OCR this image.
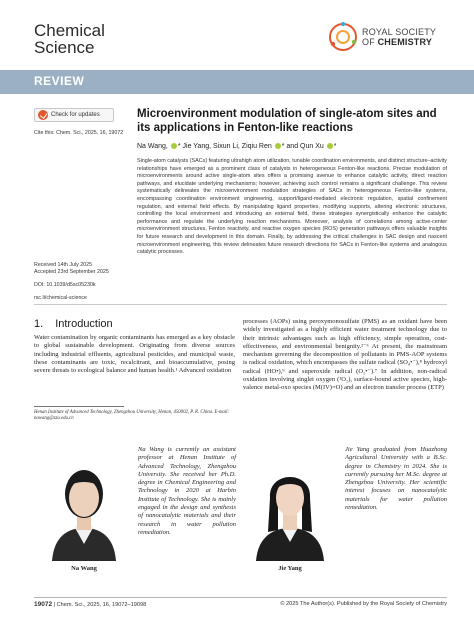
Chemical
Science
ROYAL SOCIETY
OF CHEMISTRY
REVIEW
Check for updates
Cite this: Chem. Sci., 2025, 16, 19072
Received 14th July 2025
Accepted 23rd September 2025
DOI: 10.1039/d5sc05230k
rsc.li/chemical-science
Microenvironment modulation of single-atom sites and its applications in Fenton-like reactions
Na Wang, * Jie Yang, Sixun Li, Ziqiu Ren * and Qun Xu *
Single-atom catalysts (SACs) featuring ultrahigh atom utilization, tunable coordination environments, and distinct structure–activity relationships have emerged as a prominent class of catalysts in heterogeneous Fenton-like reactions. Precise modulation of microenvironments around active single-atom sites offers a promising avenue to enhance catalytic activity, direct reaction pathways, and elucidate underlying mechanisms; however, achieving such control remains a significant challenge. This review systematically delineates the microenvironment modulation strategies of SACs in heterogeneous Fenton-like systems, encompassing coordination environment engineering, support/ligand-mediated electronic regulation, spatial confinement regulation, and external field effects. By manipulating ligand properties, modifying supports, altering electronic structures, controlling the local environment and introducing an external field, these strategies synergistically enhance the catalytic performance and regulate the underlying reaction mechanisms. Moreover, analysis of correlations among active-center microenvironment structures, Fenton reactivity, and reactive oxygen species (ROS) generation pathways offers valuable insights for future research and development in this domain. Finally, by addressing the critical challenges in SAC design and nascent microenvironment engineering, this review delineates future research directions for SACs in Fenton-like systems and analogous catalytic processes.
1. Introduction
Water contamination by organic contaminants has emerged as a key obstacle to global sustainable development. Originating from diverse sources including industrial effluents, agricultural pesticides, and municipal waste, these contaminants are toxic, recalcitrant, and bioaccumulative, posing severe threats to ecological balance and human health.¹ Advanced oxidation
processes (AOPs) using peroxymonosulfate (PMS) as an oxidant have been widely investigated as a highly efficient water treatment technology due to their intrinsic advantages such as high efficiency, simple operation, cost-effectiveness, and environmental benignity.²⁻⁶ At present, the mainstream mechanism governing the decomposition of pollutants in PMS-AOP systems is radical oxidation, which encompasses the sulfate radical (SO₄•⁻),⁸ hydroxyl radical (HO•),⁹ and superoxide radical (O₂•⁻).⁷ In addition, non-radical oxidation involving singlet oxygen (¹O₂), surface-bound active species, high-valence metal-oxo species (M(IV)=O) and an electron transfer process (ETP)
Henan Institute of Advanced Technology, Zhengzhou University, Henan, 450002, P. R. China. E-mail: nawang@zzu.edu.cn
Na Wang
Na Wang is currently an assistant professor at Henan Institute of Advanced Technology, Zhengzhou University. She received her Ph.D. degree in Chemical Engineering and Technology in 2020 at Harbin Institute of Technology. She is mainly engaged in the design and synthesis of nanocatalytic materials and their research in water pollution remediation.
Jie Yang
Jie Yang graduated from Huazhong Agricultural University with a B.Sc. degree in Chemistry in 2024. She is currently pursuing her M.Sc. degree at Zhengzhou University. Her scientific interest focuses on nanocatalytic materials for water pollution remediation.
19072 | Chem. Sci., 2025, 16, 19072–19098	© 2025 The Author(s). Published by the Royal Society of Chemistry
